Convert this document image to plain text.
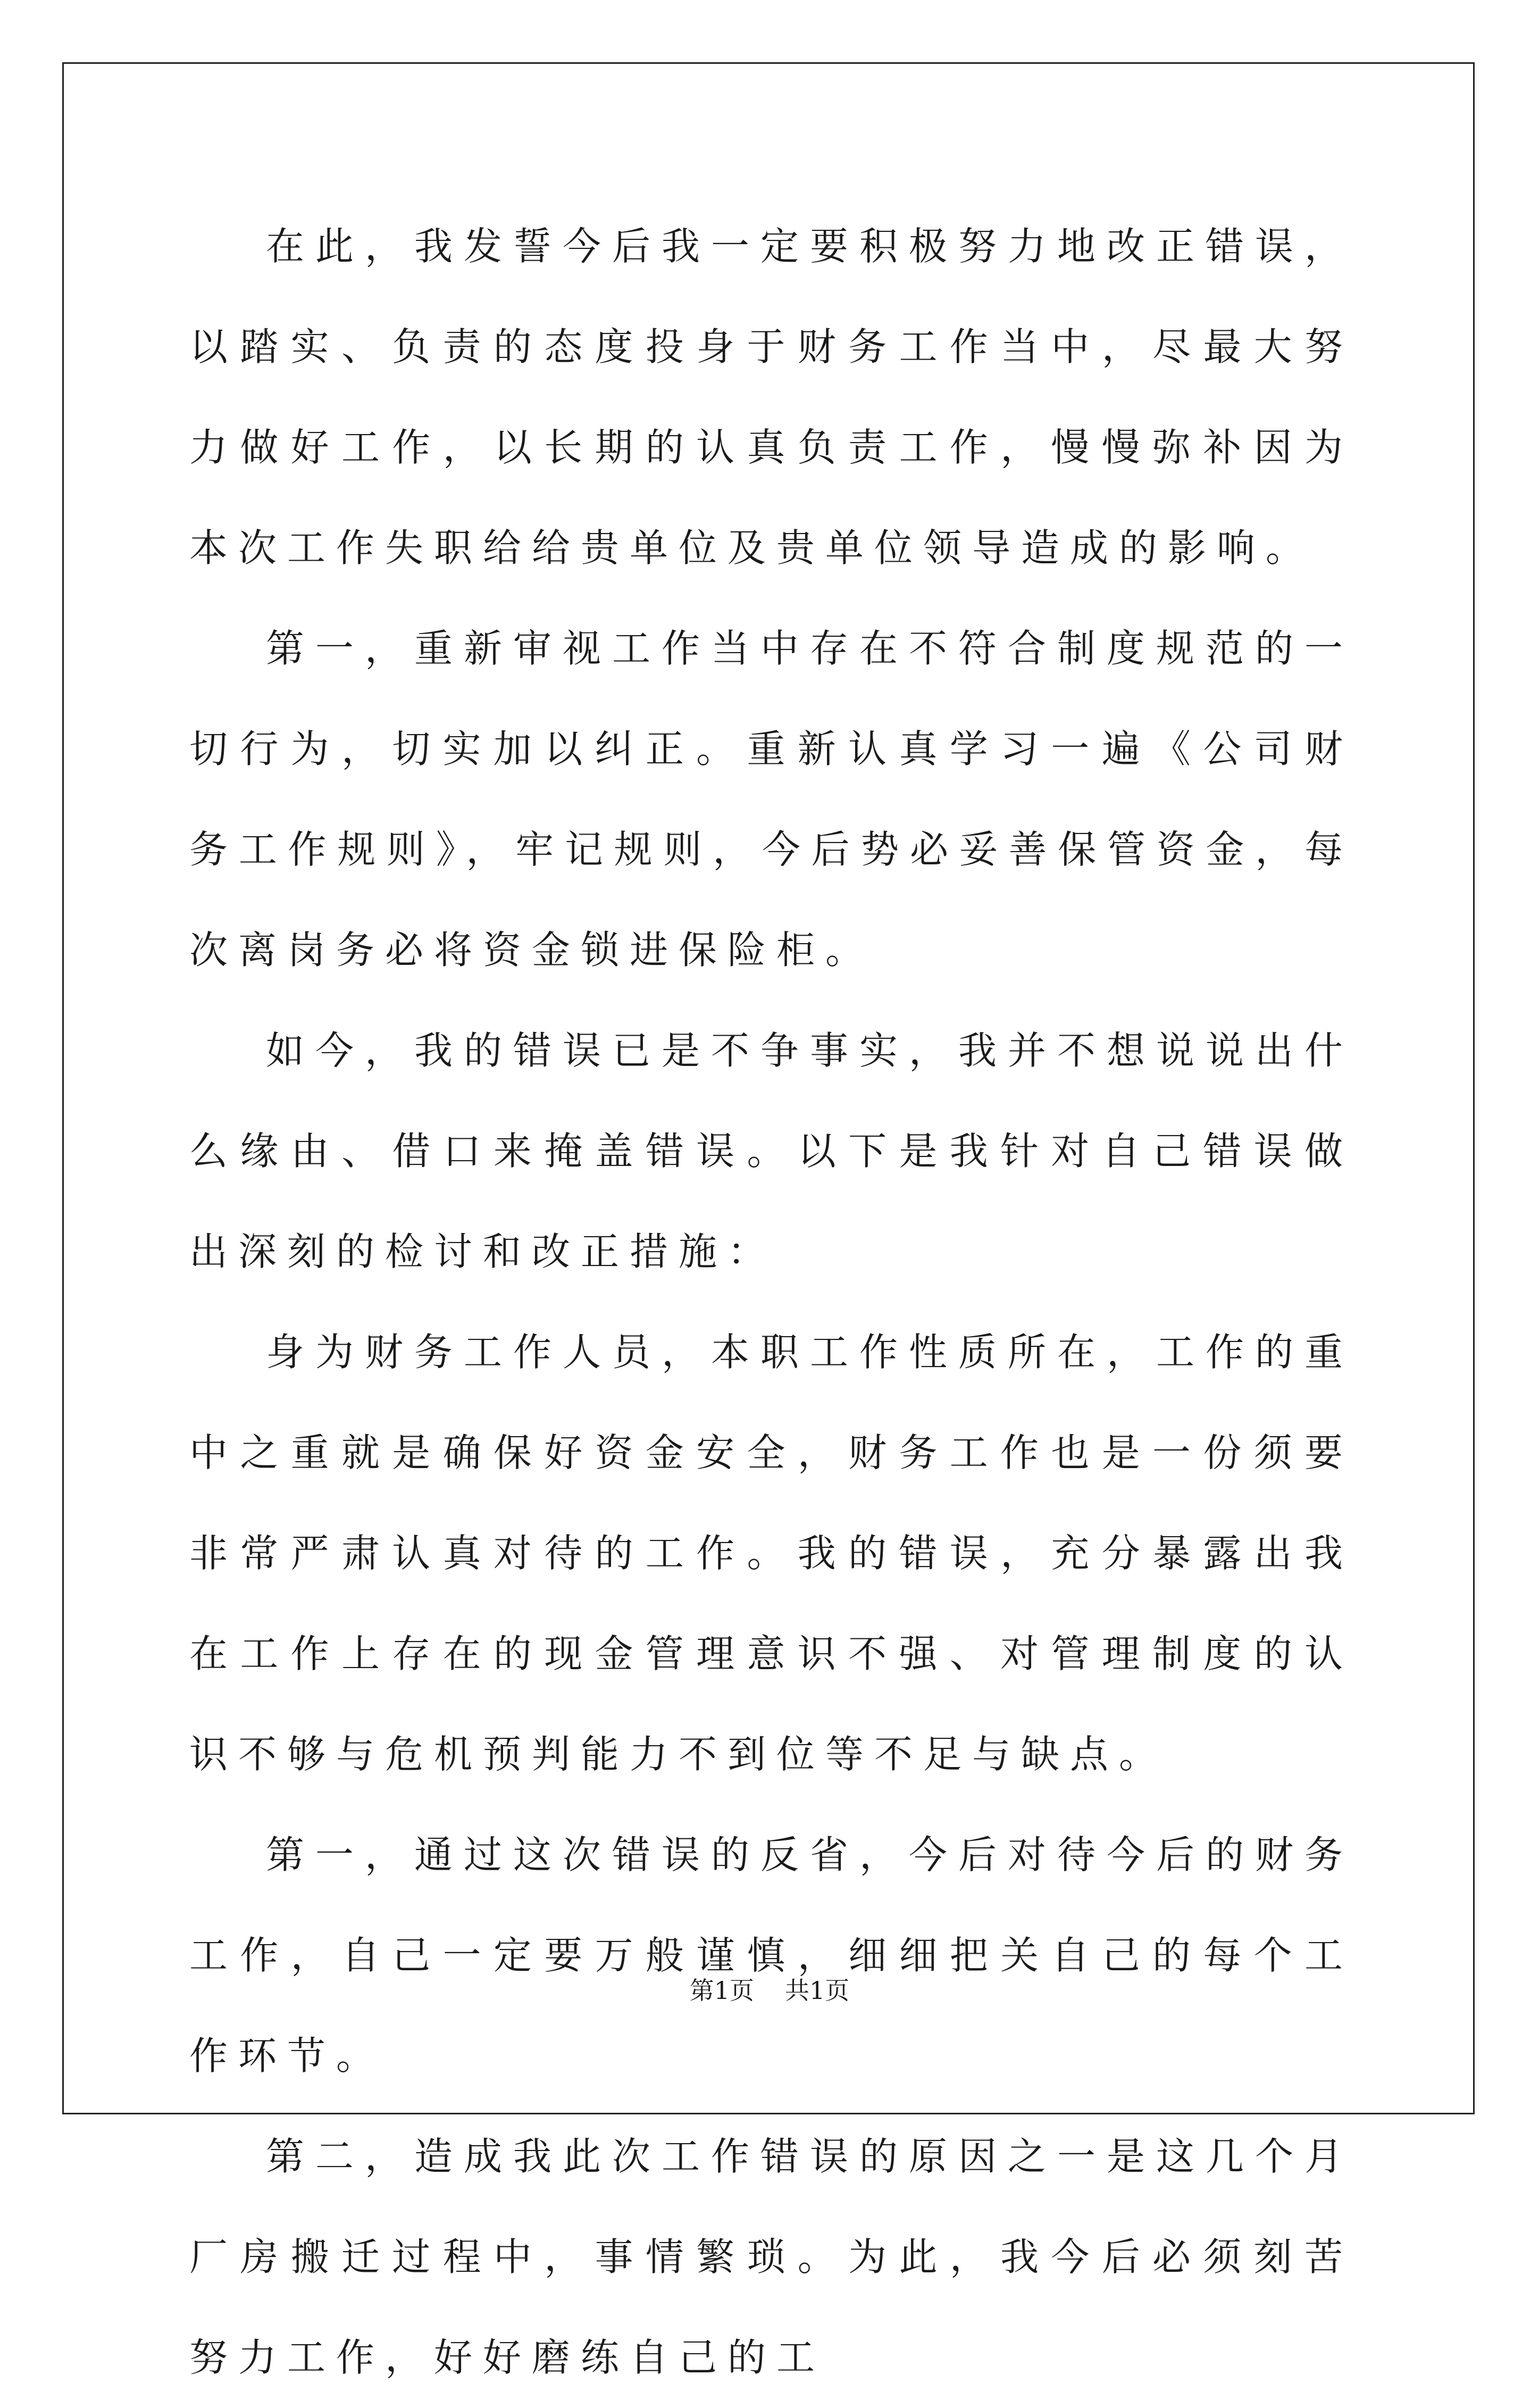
在此，我发誓今后我一定要积极努力地改正错误，以踏实、负责的态度投身于财务工作当中，尽最大努力做好工作，以长期的认真负责工作，慢慢弥补因为本次工作失职给给贵单位及贵单位领导造成的影响。

第一，重新审视工作当中存在不符合制度规范的一切行为，切实加以纠正。重新认真学习一遍《公司财务工作规则》，牢记规则，今后势必妥善保管资金，每次离岗务必将资金锁进保险柜。

如今，我的错误已是不争事实，我并不想说说出什么缘由、借口来掩盖错误。以下是我针对自己错误做出深刻的检讨和改正措施：

身为财务工作人员，本职工作性质所在，工作的重中之重就是确保好资金安全，财务工作也是一份须要非常严肃认真对待的工作。我的错误，充分暴露出我在工作上存在的现金管理意识不强、对管理制度的认识不够与危机预判能力不到位等不足与缺点。

第一，通过这次错误的反省，今后对待今后的财务工作，自己一定要万般谨慎，细细把关自己的每个工作环节。

第二，造成我此次工作错误的原因之一是这几个月厂房搬迁过程中，事情繁琐。为此，我今后必须刻苦努力工作，好好磨练自己的工

第1页 共1页
